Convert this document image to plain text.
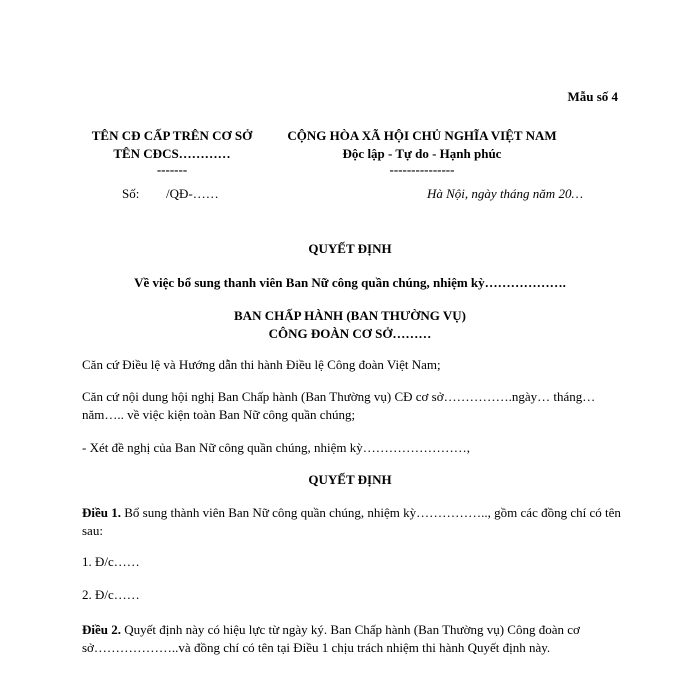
Mẫu số 4
TÊN CĐ CẤP TRÊN CƠ SỞ
TÊN CĐCS…………
-------
CỘNG HÒA XÃ HỘI CHỦ NGHĨA VIỆT NAM
Độc lập - Tự do - Hạnh phúc
---------------
Số: /QĐ-……	Hà Nội, ngày tháng năm 20…
QUYẾT ĐỊNH
Về việc bổ sung thanh viên Ban Nữ công quần chúng, nhiệm kỳ……………….
BAN CHẤP HÀNH (BAN THƯỜNG VỤ)
CÔNG ĐOÀN CƠ SỞ………
Căn cứ Điều lệ và Hướng dẫn thi hành Điều lệ Công đoàn Việt Nam;
Căn cứ nội dung hội nghị Ban Chấp hành (Ban Thường vụ) CĐ cơ sở…………….ngày… tháng…năm….. về việc kiện toàn Ban Nữ công quần chúng;
- Xét đề nghị của Ban Nữ công quần chúng, nhiệm kỳ……………………,
QUYẾT ĐỊNH
Điều 1. Bổ sung thành viên Ban Nữ công quần chúng, nhiệm kỳ…………….., gồm các đồng chí có tên sau:
1. Đ/c……
2. Đ/c……
Điều 2. Quyết định này có hiệu lực từ ngày ký. Ban Chấp hành (Ban Thường vụ) Công đoàn cơ sở………………..và đồng chí có tên tại Điều 1 chịu trách nhiệm thi hành Quyết định này.
